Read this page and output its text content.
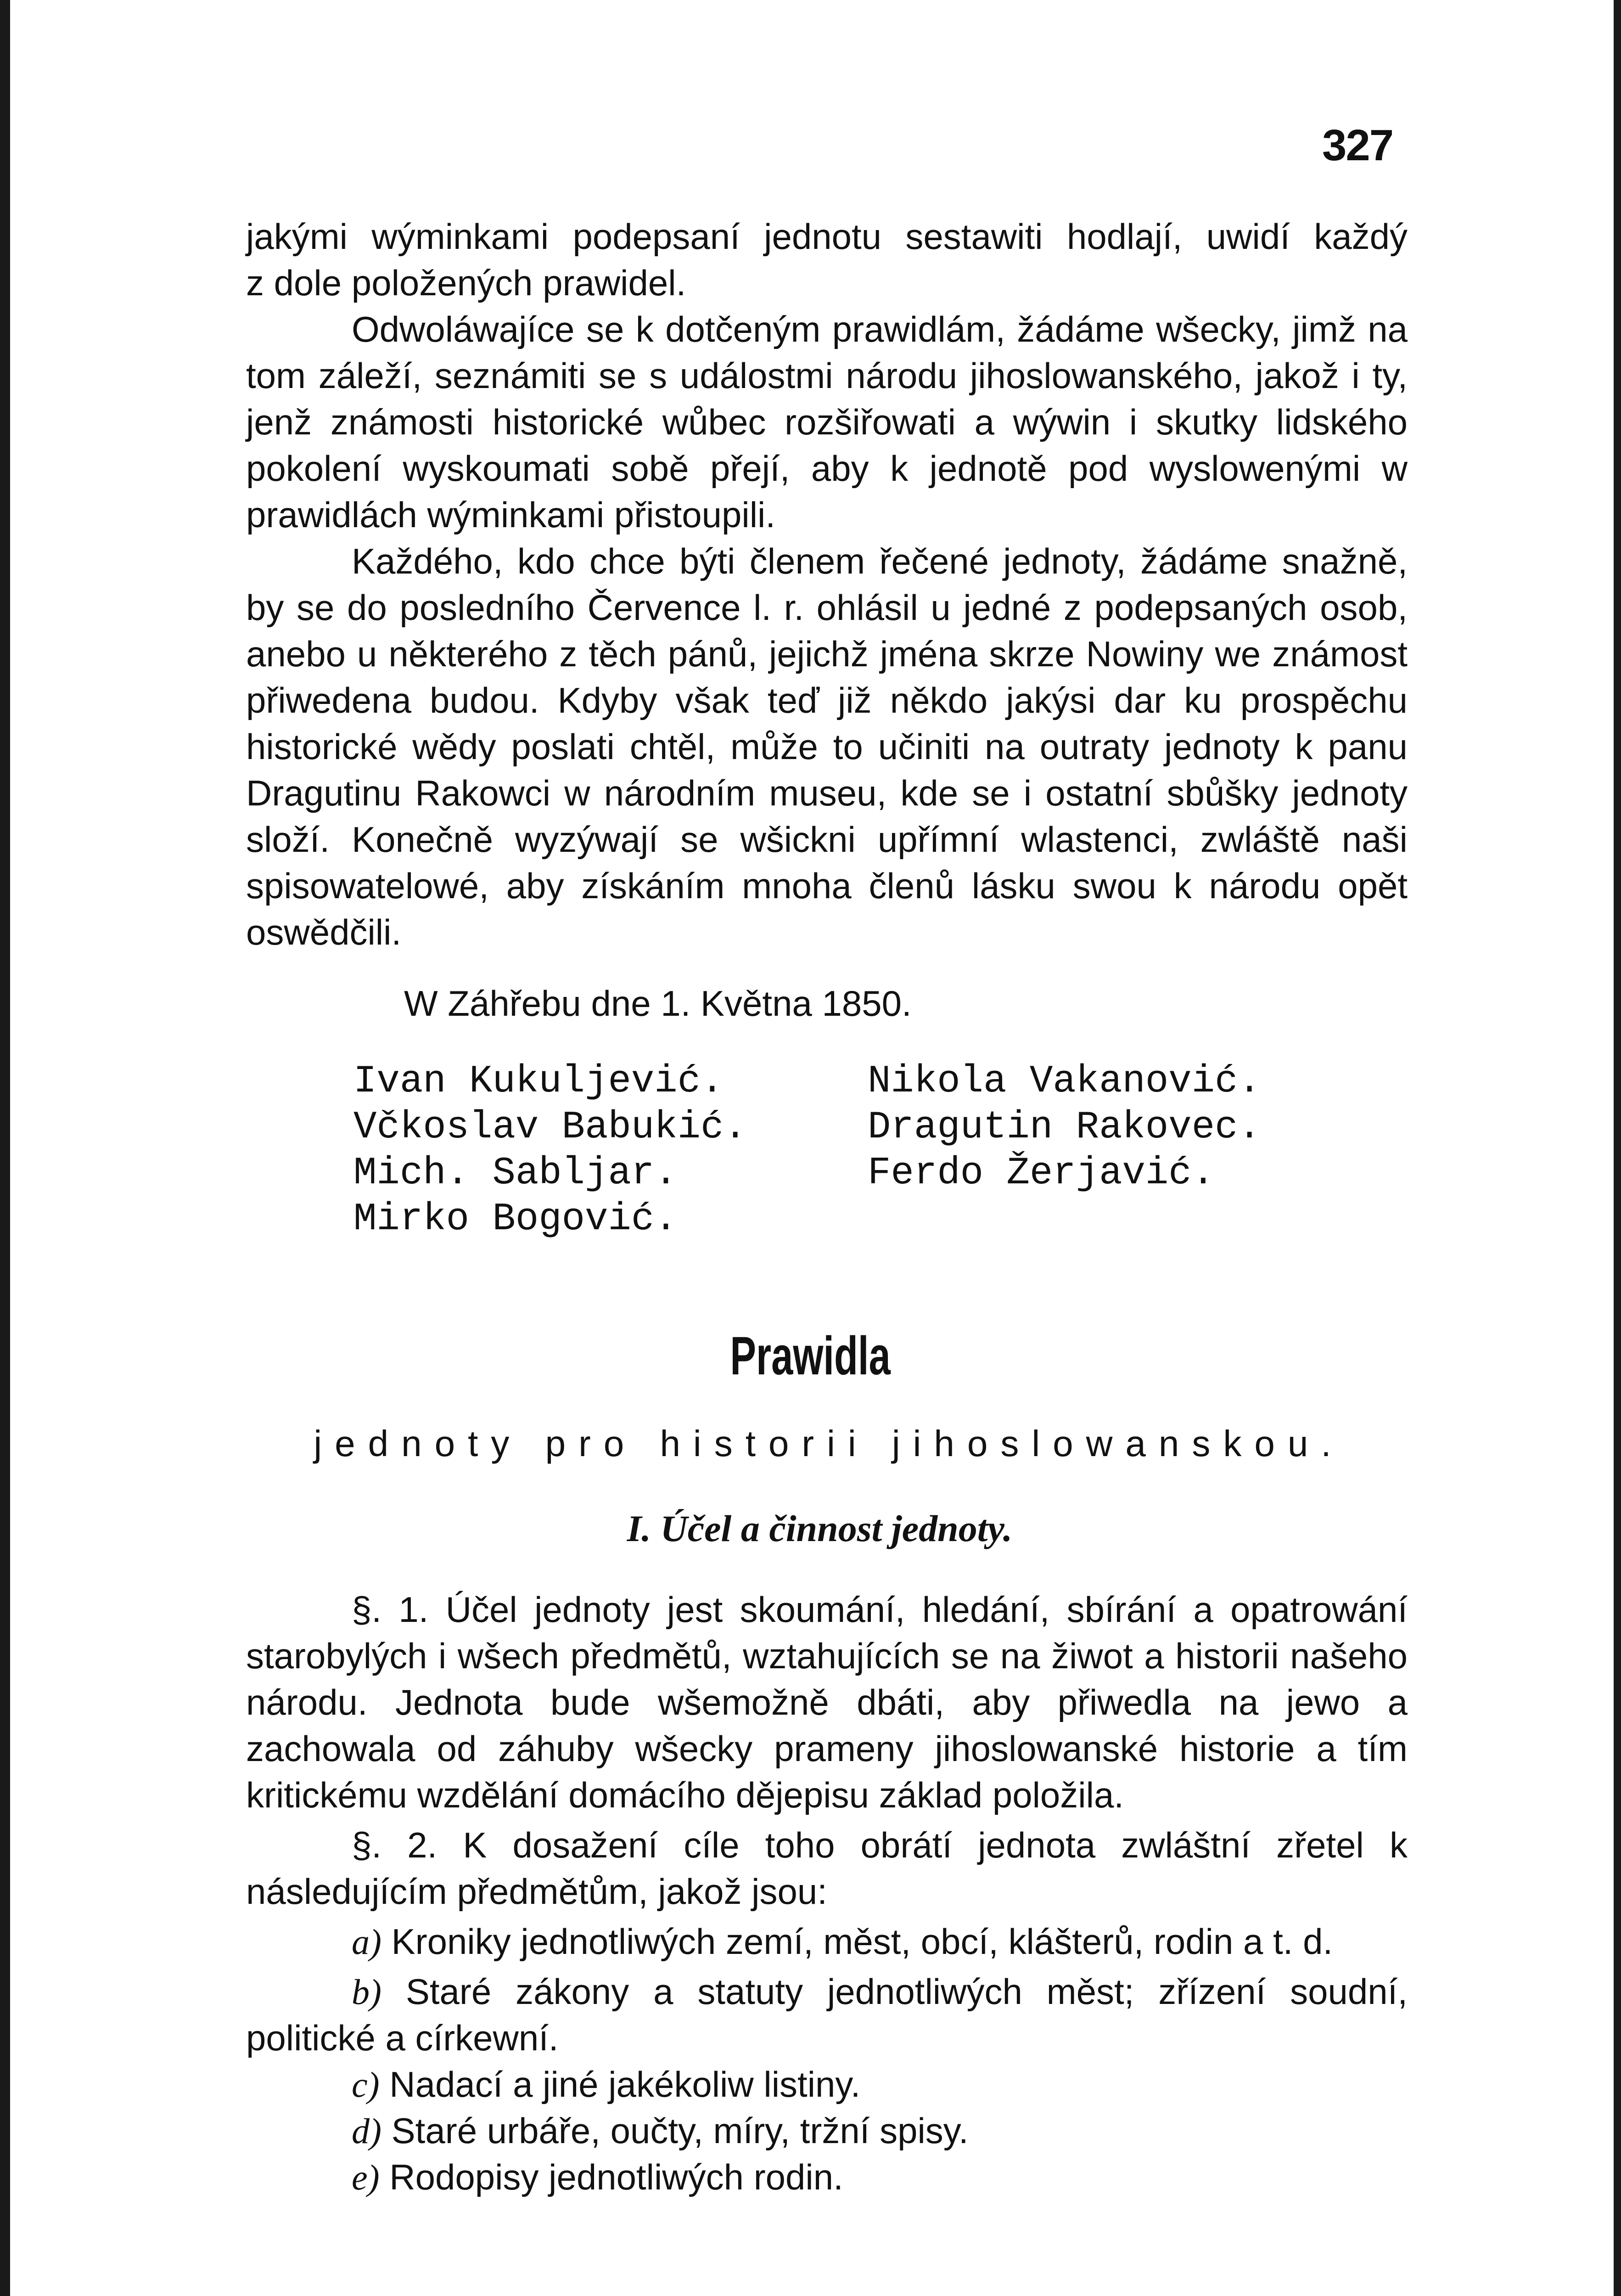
327

jakými wýminkami podepsaní jednotu sestawiti hodlají, uwidí každý

z dole položených prawidel.

Odwoláwajíce se k dotčeným prawidlám, žádáme wšecky, jimž na tom záleží, seznámiti se s událostmi národu jihoslowanského, jakož i ty, jenž známosti historické wůbec rozšiřowati a wýwin i skutky lidského pokolení wyskoumati sobě přejí, aby k jednotě pod wyslowenými w prawidlách wýminkami přistoupili.

Každého, kdo chce býti členem řečené jednoty, žádáme snažně, by se do posledního Července l. r. ohlásil u jedné z podepsaných osob, anebo u některého z těch pánů, jejichž jména skrze Nowiny we známost přiwedena budou. Kdyby však teď již někdo jakýsi dar ku prospěchu historické wědy poslati chtěl, může to učiniti na outraty jednoty k panu Dragutinu Rakowci w národním museu, kde se i ostatní sbůšky jednoty složí. Konečně wyzýwají se wšickni upřímní wlastenci, zwláště naši spisowatelowé, aby získáním mnoha členů lásku swou k národu opět oswědčili.

W Záhřebu dne 1. Května 1850.
Ivan Kukuljević.
Včkoslav Babukić.
Mich. Sabljar.
Mirko Bogović.
Nikola Vakanović.
Dragutin Rakovec.
Ferdo Žerjavić.
Prawidla
jednoty pro historii jihoslowanskou.
I. Účel a činnost jednoty.

§. 1. Účel jednoty jest skoumání, hledání, sbírání a opatrowání starobylých i wšech předmětů, wztahujících se na žiwot a historii našeho národu. Jednota bude wšemožně dbáti, aby přiwedla na jewo a zachowala od záhuby wšecky prameny jihoslowanské historie a tím kritickému wzdělání domácího dějepisu základ položila.

§. 2. K dosažení cíle toho obrátí jednota zwláštní zřetel k následujícím předmětům, jakož jsou:

a) Kroniky jednotliwých zemí, měst, obcí, klášterů, rodin a t. d.

b) Staré zákony a statuty jednotliwých měst; zřízení soudní, politické a církewní.

c) Nadací a jiné jakékoliw listiny.

d) Staré urbáře, oučty, míry, tržní spisy.

e) Rodopisy jednotliwých rodin.
